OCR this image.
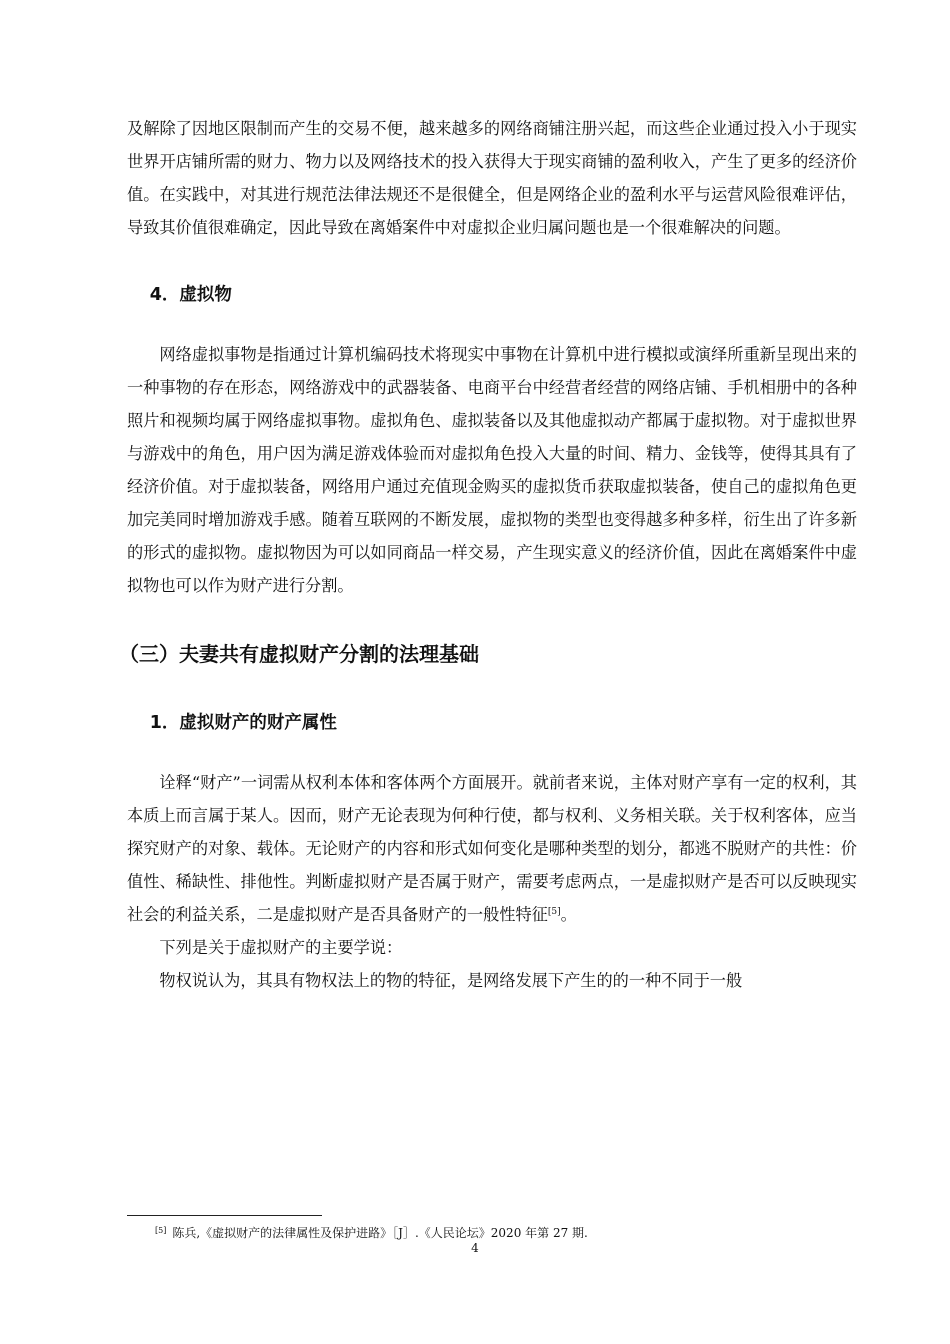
及解除了因地区限制而产生的交易不便，越来越多的网络商铺注册兴起，而这些企业通过投入小于现实世界开店铺所需的财力、物力以及网络技术的投入获得大于现实商铺的盈利收入，产生了更多的经济价值。在实践中，对其进行规范法律法规还不是很健全，但是网络企业的盈利水平与运营风险很难评估，导致其价值很难确定，因此导致在离婚案件中对虚拟企业归属问题也是一个很难解决的问题。

4．虚拟物

网络虚拟事物是指通过计算机编码技术将现实中事物在计算机中进行模拟或演绎所重新呈现出来的一种事物的存在形态，网络游戏中的武器装备、电商平台中经营者经营的网络店铺、手机相册中的各种照片和视频均属于网络虚拟事物。虚拟角色、虚拟装备以及其他虚拟动产都属于虚拟物。对于虚拟世界与游戏中的角色，用户因为满足游戏体验而对虚拟角色投入大量的时间、精力、金钱等，使得其具有了经济价值。对于虚拟装备，网络用户通过充值现金购买的虚拟货币获取虚拟装备，使自己的虚拟角色更加完美同时增加游戏手感。随着互联网的不断发展，虚拟物的类型也变得越多种多样，衍生出了许多新的形式的虚拟物。虚拟物因为可以如同商品一样交易，产生现实意义的经济价值，因此在离婚案件中虚拟物也可以作为财产进行分割。

（三）夫妻共有虚拟财产分割的法理基础
1．虚拟财产的财产属性

诠释“财产”一词需从权利本体和客体两个方面展开。就前者来说，主体对财产享有一定的权利，其本质上而言属于某人。因而，财产无论表现为何种行使，都与权利、义务相关联。关于权利客体，应当探究财产的对象、载体。无论财产的内容和形式如何变化是哪种类型的划分，都逃不脱财产的共性：价值性、稀缺性、排他性。判断虚拟财产是否属于财产，需要考虑两点，一是虚拟财产是否可以反映现实社会的利益关系，二是虚拟财产是否具备财产的一般性特征[5]。

下列是关于虚拟财产的主要学说：

物权说认为，其具有物权法上的物的特征，是网络发展下产生的的一种不同于一般

[5] 陈兵,《虚拟财产的法律属性及保护进路》［J］.《人民论坛》2020 年第 27 期.
4
